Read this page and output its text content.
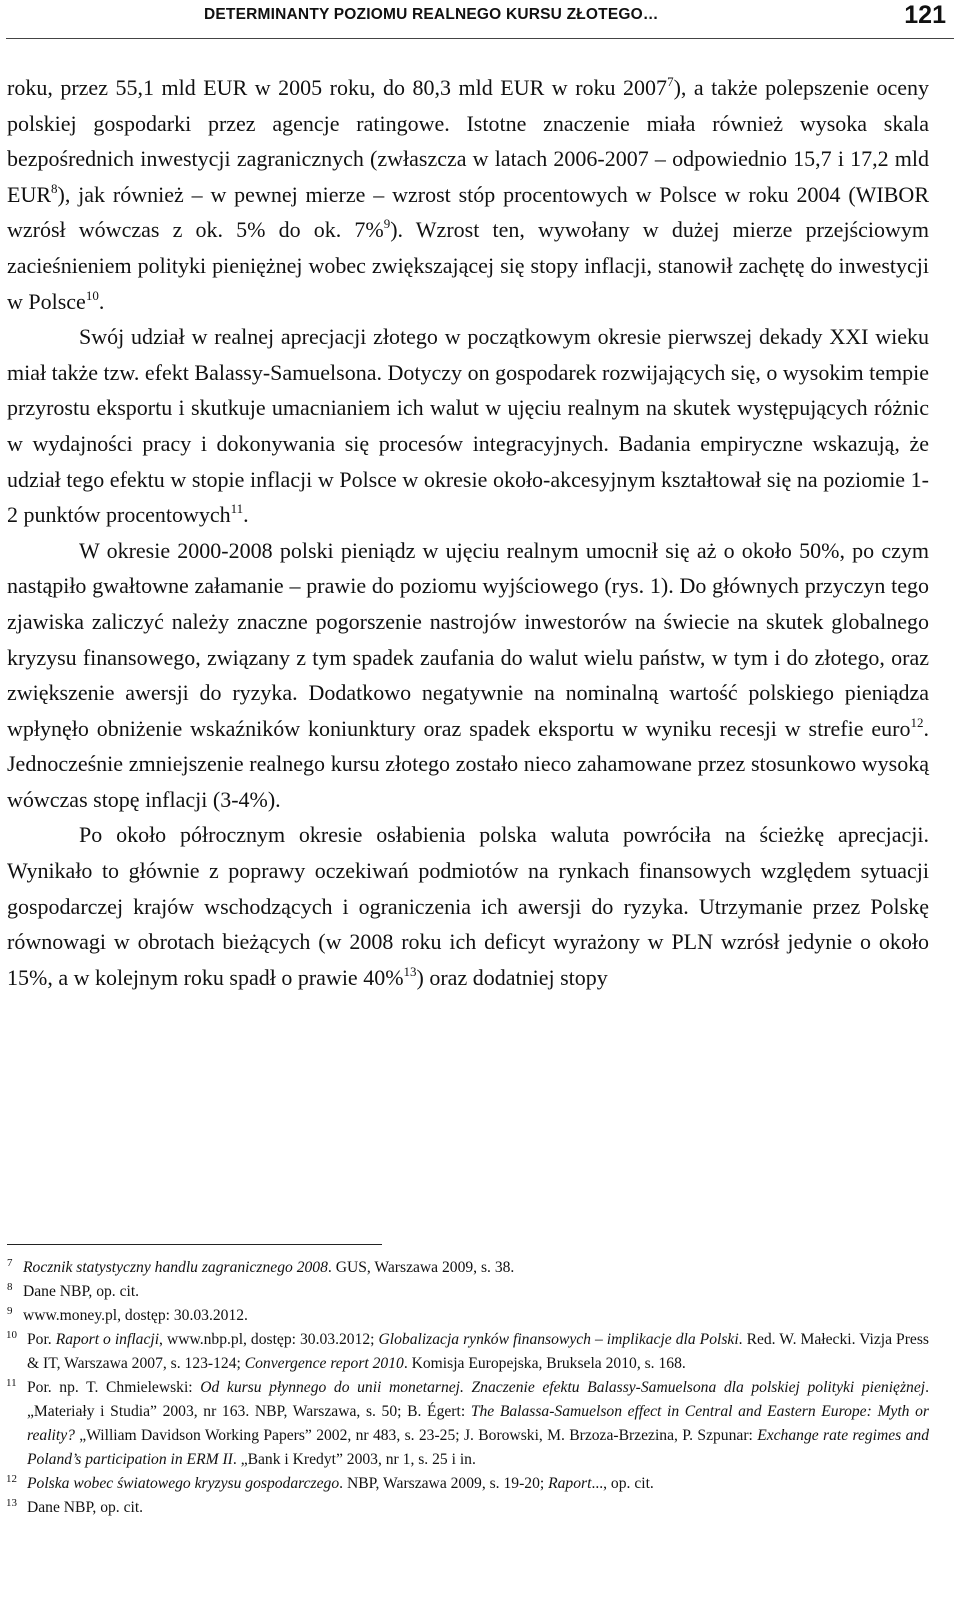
DETERMINANTY POZIOMU REALNEGO KURSU ZŁOTEGO…	121

roku, przez 55,1 mld EUR w 2005 roku, do 80,3 mld EUR w roku 2007$^7$), a także polepszenie oceny polskiej gospodarki przez agencje ratingowe. Istotne znaczenie miała również wysoka skala bezpośrednich inwestycji zagranicznych (zwłaszcza w latach 2006-2007 – odpowiednio 15,7 i 17,2 mld EUR$^8$), jak również – w pewnej mierze – wzrost stóp procentowych w Polsce w roku 2004 (WIBOR wzrósł wówczas z ok. 5% do ok. 7%$^9$). Wzrost ten, wywołany w dużej mierze przejściowym zacieśnieniem polityki pieniężnej wobec zwiększającej się stopy inflacji, stanowił zachętę do inwestycji w Polsce$^{10}$.

Swój udział w realnej aprecjacji złotego w początkowym okresie pierwszej dekady XXI wieku miał także tzw. efekt Balassy-Samuelsona. Dotyczy on gospodarek rozwijających się, o wysokim tempie przyrostu eksportu i skutkuje umacnianiem ich walut w ujęciu realnym na skutek występujących różnic w wydajności pracy i dokonywania się procesów integracyjnych. Badania empiryczne wskazują, że udział tego efektu w stopie inflacji w Polsce w okresie około-akcesyjnym kształtował się na poziomie 1-2 punktów procentowych$^{11}$.

W okresie 2000-2008 polski pieniądz w ujęciu realnym umocnił się aż o około 50%, po czym nastąpiło gwałtowne załamanie – prawie do poziomu wyjściowego (rys. 1). Do głównych przyczyn tego zjawiska zaliczyć należy znaczne pogorszenie nastrojów inwestorów na świecie na skutek globalnego kryzysu finansowego, związany z tym spadek zaufania do walut wielu państw, w tym i do złotego, oraz zwiększenie awersji do ryzyka. Dodatkowo negatywnie na nominalną wartość polskiego pieniądza wpłynęło obniżenie wskaźników koniunktury oraz spadek eksportu w wyniku recesji w strefie euro$^{12}$. Jednocześnie zmniejszenie realnego kursu złotego zostało nieco zahamowane przez stosunkowo wysoką wówczas stopę inflacji (3-4%).

Po około półrocznym okresie osłabienia polska waluta powróciła na ścieżkę aprecjacji. Wynikało to głównie z poprawy oczekiwań podmiotów na rynkach finansowych względem sytuacji gospodarczej krajów wschodzących i ograniczenia ich awersji do ryzyka. Utrzymanie przez Polskę równowagi w obrotach bieżących (w 2008 roku ich deficyt wyrażony w PLN wzrósł jedynie o około 15%, a w kolejnym roku spadł o prawie 40%$^{13}$) oraz dodatniej stopy

7 Rocznik statystyczny handlu zagranicznego 2008. GUS, Warszawa 2009, s. 38.

8 Dane NBP, op. cit.

9 www.money.pl, dostęp: 30.03.2012.

10 Por. Raport o inflacji, www.nbp.pl, dostęp: 30.03.2012; Globalizacja rynków finansowych – implikacje dla Polski. Red. W. Małecki. Vizja Press & IT, Warszawa 2007, s. 123-124; Convergence report 2010. Komisja Europejska, Bruksela 2010, s. 168.

11 Por. np. T. Chmielewski: Od kursu płynnego do unii monetarnej. Znaczenie efektu Balassy-Samuelsona dla polskiej polityki pieniężnej. „Materiały i Studia” 2003, nr 163. NBP, Warszawa, s. 50; B. Égert: The Balassa-Samuelson effect in Central and Eastern Europe: Myth or reality? „William Davidson Working Papers” 2002, nr 483, s. 23-25; J. Borowski, M. Brzoza-Brzezina, P. Szpunar: Exchange rate regimes and Poland’s participation in ERM II. „Bank i Kredyt” 2003, nr 1, s. 25 i in.

12 Polska wobec światowego kryzysu gospodarczego. NBP, Warszawa 2009, s. 19-20; Raport..., op. cit.

13 Dane NBP, op. cit.
